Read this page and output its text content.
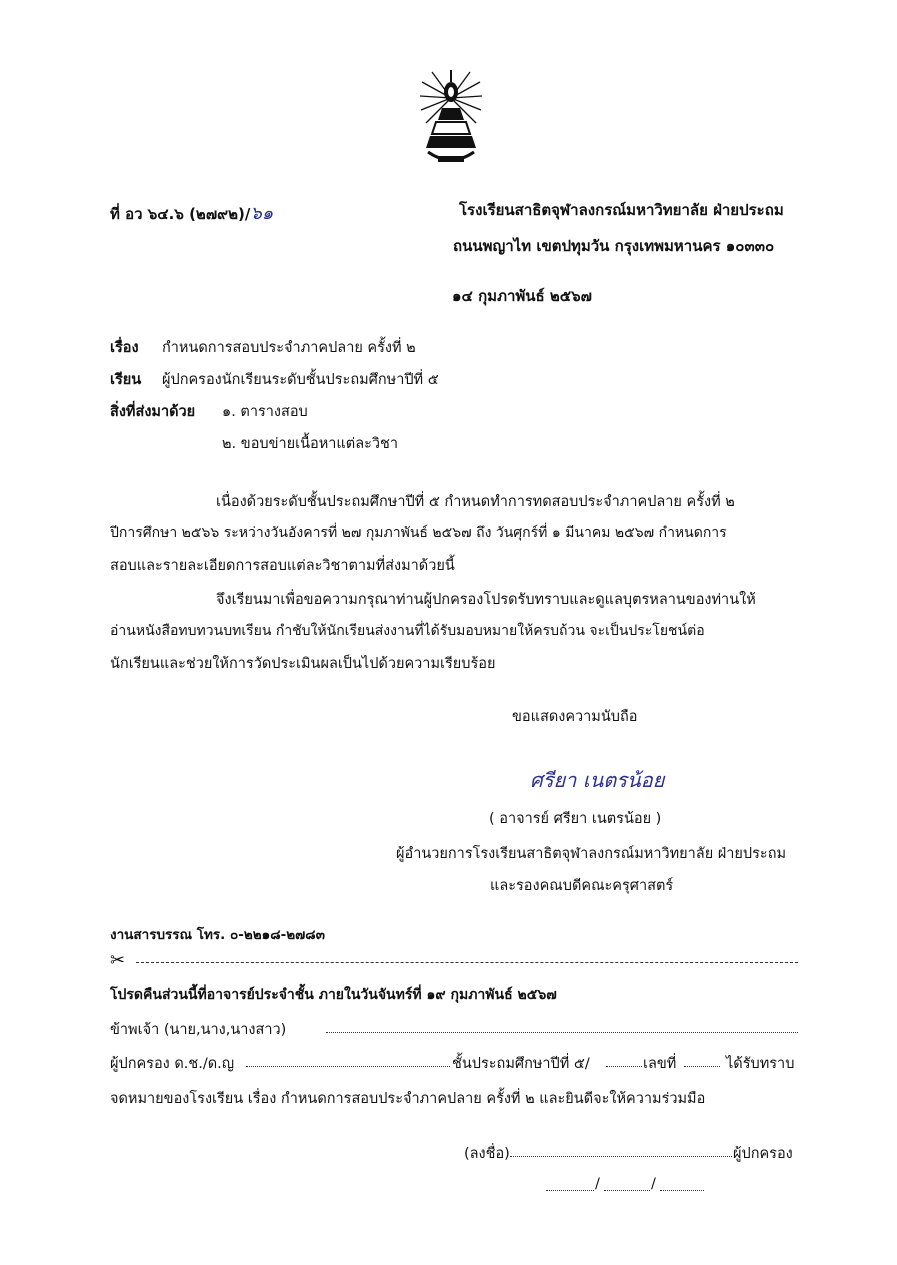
ที่ อว ๖๔.๖ (๒๗๙๒)/๖๑	โรงเรียนสาธิตจุฬาลงกรณ์มหาวิทยาลัย ฝ่ายประถม
ถนนพญาไท เขตปทุมวัน กรุงเทพมหานคร ๑๐๓๓๐
๑๔ กุมภาพันธ์ ๒๕๖๗
เรื่อง กำหนดการสอบประจำภาคปลาย ครั้งที่ ๒
เรียน ผู้ปกครองนักเรียนระดับชั้นประถมศึกษาปีที่ ๕
สิ่งที่ส่งมาด้วย ๑. ตารางสอบ
๒. ขอบข่ายเนื้อหาแต่ละวิชา
เนื่องด้วยระดับชั้นประถมศึกษาปีที่ ๕ กำหนดทำการทดสอบประจำภาคปลาย ครั้งที่ ๒
ปีการศึกษา ๒๕๖๖ ระหว่างวันอังคารที่ ๒๗ กุมภาพันธ์ ๒๕๖๗ ถึง วันศุกร์ที่ ๑ มีนาคม ๒๕๖๗ กำหนดการ
สอบและรายละเอียดการสอบแต่ละวิชาตามที่ส่งมาด้วยนี้
จึงเรียนมาเพื่อขอความกรุณาท่านผู้ปกครองโปรดรับทราบและดูแลบุตรหลานของท่านให้
อ่านหนังสือทบทวนบทเรียน กำชับให้นักเรียนส่งงานที่ได้รับมอบหมายให้ครบถ้วน จะเป็นประโยชน์ต่อ
นักเรียนและช่วยให้การวัดประเมินผลเป็นไปด้วยความเรียบร้อย
ขอแสดงความนับถือ
ศรียา เนตรน้อย
( อาจารย์ ศรียา เนตรน้อย )
ผู้อำนวยการโรงเรียนสาธิตจุฬาลงกรณ์มหาวิทยาลัย ฝ่ายประถม
และรองคณบดีคณะครุศาสตร์
งานสารบรรณ โทร. ๐-๒๒๑๘-๒๗๘๓
✂
โปรดคืนส่วนนี้ที่อาจารย์ประจำชั้น ภายในวันจันทร์ที่ ๑๙ กุมภาพันธ์ ๒๕๖๗
ข้าพเจ้า (นาย,นาง,นางสาว)
ผู้ปกครอง ด.ช./ด.ญ	ชั้นประถมศึกษาปีที่ ๕/	เลขที่	ได้รับทราบ
จดหมายของโรงเรียน เรื่อง กำหนดการสอบประจำภาคปลาย ครั้งที่ ๒ และยินดีจะให้ความร่วมมือ
(ลงชื่อ)	ผู้ปกครอง
/	/
